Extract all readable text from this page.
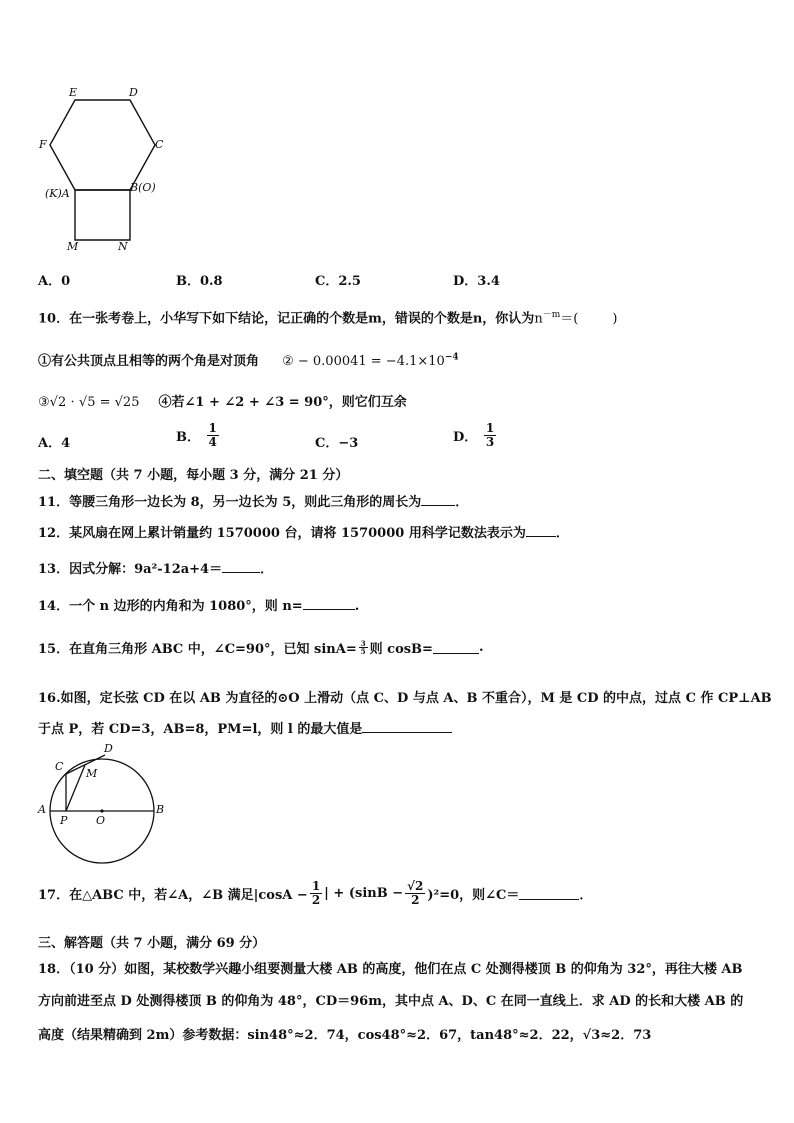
E	D
F	C
(K)A	B(O)
M	N
A．0	B．0.8	C．2.5	D．3.4
10．在一张考卷上，小华写下如下结论，记正确的个数是m，错误的个数是n，你认为$n^{-m}=$(	)
①有公共顶点且相等的两个角是对顶角 ② − $0.00041 = -4.1\times 10^{-4}$
③√2 ⋅ √5 = √25 ④若∠1 + ∠2 + ∠3 = 90°，则它们互余
A．4	B． $\frac{1}{4}$	C．−3	D． $\frac{1}{3}$
二、填空题（共 7 小题，每小题 3 分，满分 21 分）
11．等腰三角形一边长为 8，另一边长为 5，则此三角形的周长为	．
12．某风扇在网上累计销量约 1570000 台，请将 1570000 用科学记数法表示为 ．
13．因式分解：9a²-12a+4＝	．
14．一个 n 边形的内角和为 1080°，则 n=	.
15．在直角三角形 ABC 中，∠C=90°，已知 $\sin A= \frac{3}{5}$ 则 cosB=	.
16.如图，定长弦 CD 在以 AB 为直径的⊙O 上滑动（点 C、D 与点 A、B 不重合），M 是 CD 的中点，过点 C 作 CP⊥AB
于点 P，若 CD=3，AB=8，PM=l，则 l 的最大值是
D
C
M
A
P	O
B
17．在△ABC 中，若∠A，∠B 满足$|\cos A - \frac{1}{2}$ | + $(\sin B - \frac{√2}{2} )^2=0$，则∠C＝	．
三、解答题（共 7 小题，满分 69 分）
18．（10 分）如图，某校数学兴趣小组要测量大楼 AB 的高度，他们在点 C 处测得楼顶 B 的仰角为 32°，再往大楼 AB
方向前进至点 D 处测得楼顶 B 的仰角为 48°，CD＝96m，其中点 A、D、C 在同一直线上．求 AD 的长和大楼 AB 的
高度（结果精确到 2m）参考数据：sin48°≈2．74，cos48°≈2．67，tan48°≈2．22，√3≈2．73
